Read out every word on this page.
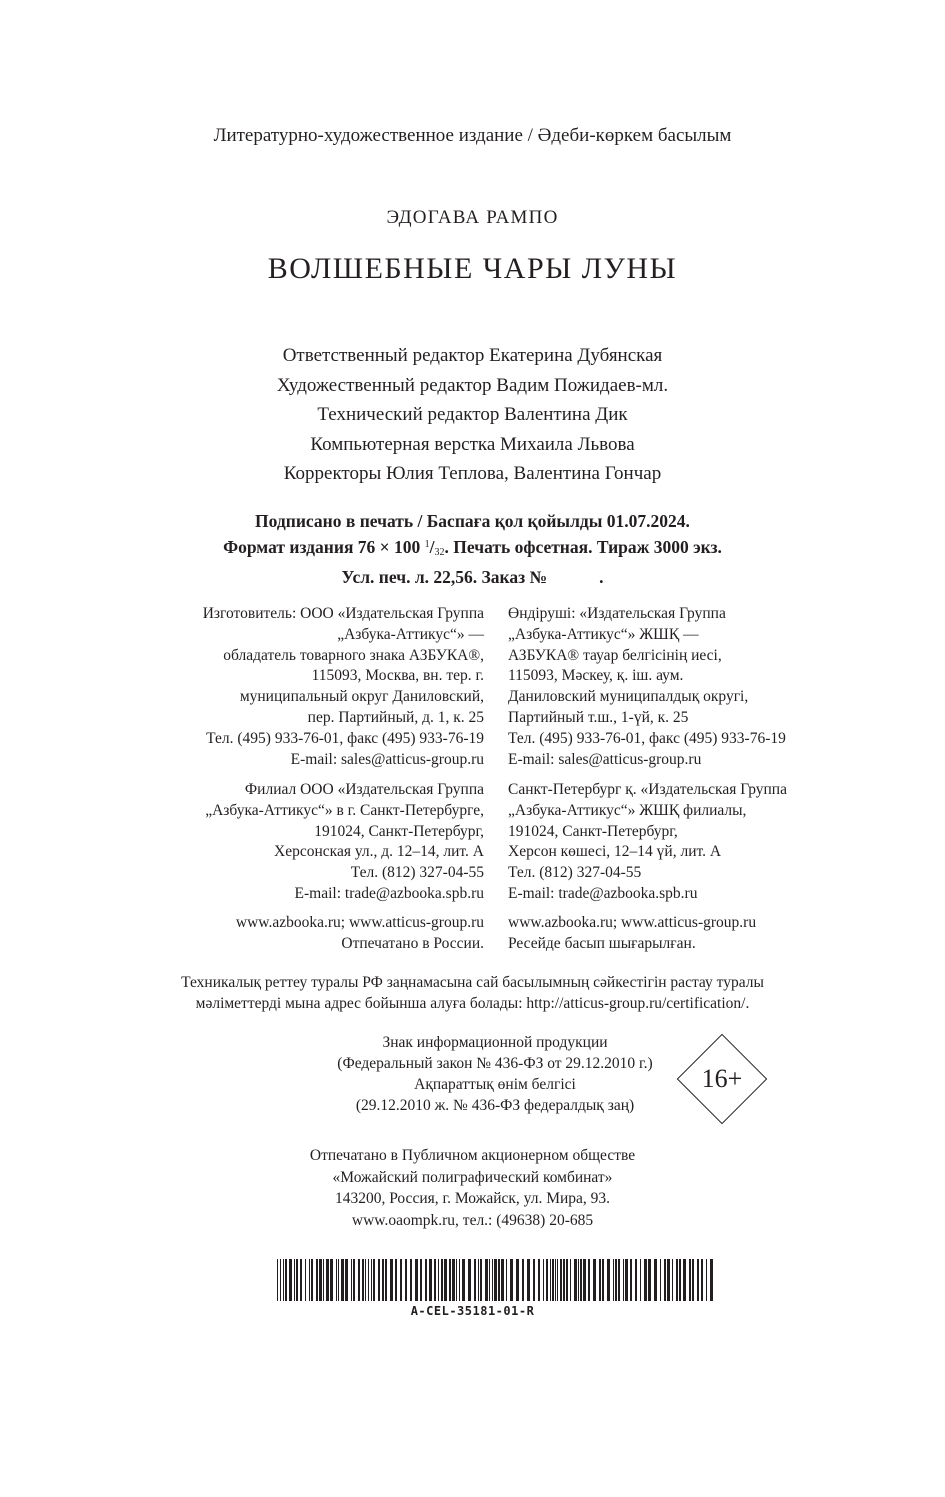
Литературно-художественное издание / Әдеби-көркем басылым
ЭДОГАВА РАМПО
ВОЛШЕБНЫЕ ЧАРЫ ЛУНЫ
Ответственный редактор Екатерина Дубянская
Художественный редактор Вадим Пожидаев-мл.
Технический редактор Валентина Дик
Компьютерная верстка Михаила Львова
Корректоры Юлия Теплова, Валентина Гончар
Подписано в печать / Баспаға қол қойылды 01.07.2024.
Формат издания 76 × 100 $^1/_{32}$. Печать офсетная. Тираж 3000 экз.
Усл. печ. л. 22,56. Заказ №	.
Изготовитель: ООО «Издательская Группа
„Азбука-Аттикус“» —
обладатель товарного знака АЗБУКА®,
115093, Москва, вн. тер. г.
муниципальный округ Даниловский,
пер. Партийный, д. 1, к. 25
Тел. (495) 933-76-01, факс (495) 933-76-19
E-mail: sales@atticus-group.ru
Өндіруші: «Издательская Группа
„Азбука-Аттикус“» ЖШҚ —
АЗБУКА® тауар белгісінің иесі,
115093, Мәскеу, қ. іш. аум.
Даниловский муниципалдық округі,
Партийный т.ш., 1-үй, к. 25
Тел. (495) 933-76-01, факс (495) 933-76-19
E-mail: sales@atticus-group.ru
Филиал ООО «Издательская Группа
„Азбука-Аттикус“» в г. Санкт-Петербурге,
191024, Санкт-Петербург,
Херсонская ул., д. 12–14, лит. А
Тел. (812) 327-04-55
E-mail: trade@azbooka.spb.ru
Санкт-Петербург қ. «Издательская Группа
„Азбука-Аттикус“» ЖШҚ филиалы,
191024, Санкт-Петербург,
Херсон көшесі, 12–14 үй, лит. А
Тел. (812) 327-04-55
E-mail: trade@azbooka.spb.ru
www.azbooka.ru; www.atticus-group.ru
Отпечатано в России.
www.azbooka.ru; www.atticus-group.ru
Ресейде басып шығарылған.
Техникалық реттеу туралы РФ заңнамасына сай басылымның сәйкестігін растау туралы
мәліметтерді мына адрес бойынша алуға болады: http://atticus-group.ru/certification/.
Знак информационной продукции
(Федеральный закон № 436-ФЗ от 29.12.2010 г.)
Ақпараттық өнім белгісі
(29.12.2010 ж. № 436-ФЗ федералдық заң)
16+
Отпечатано в Публичном акционерном обществе
«Можайский полиграфический комбинат»
143200, Россия, г. Можайск, ул. Мира, 93.
www.oaompk.ru, тел.: (49638) 20-685
A-CEL-35181-01-R
